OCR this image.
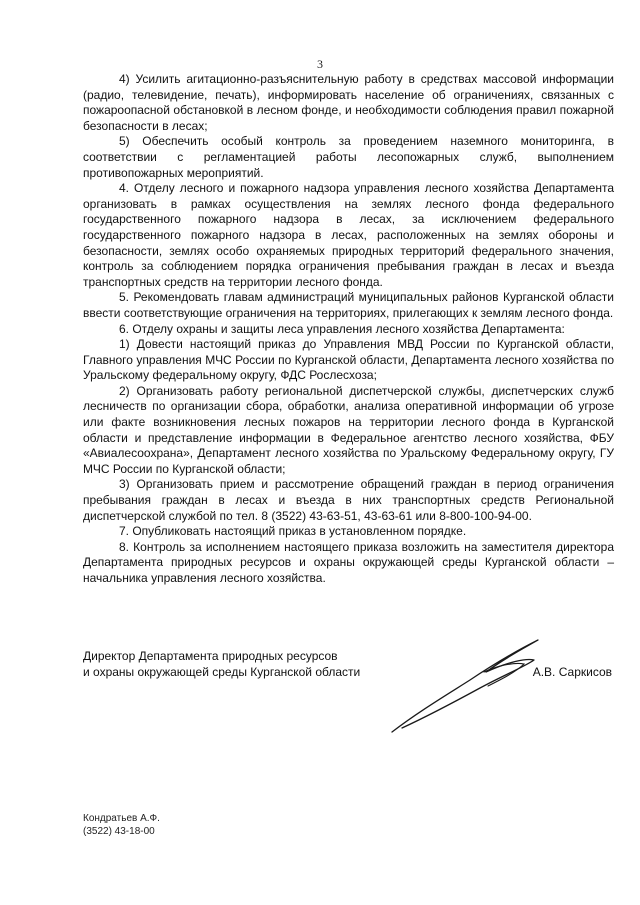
3

4) Усилить агитационно-разъяснительную работу в средствах массовой информации (радио, телевидение, печать), информировать население об ограничениях, связанных с пожароопасной обстановкой в лесном фонде, и необходимости соблюдения правил пожарной безопасности в лесах;

5) Обеспечить особый контроль за проведением наземного мониторинга, в соответствии с регламентацией работы лесопожарных служб, выполнением противопожарных мероприятий.

4. Отделу лесного и пожарного надзора управления лесного хозяйства Департамента организовать в рамках осуществления на землях лесного фонда федерального государственного пожарного надзора в лесах, за исключением федерального государственного пожарного надзора в лесах, расположенных на землях обороны и безопасности, землях особо охраняемых природных территорий федерального значения, контроль за соблюдением порядка ограничения пребывания граждан в лесах и въезда транспортных средств на территории лесного фонда.

5. Рекомендовать главам администраций муниципальных районов Курганской области ввести соответствующие ограничения на территориях, прилегающих к землям лесного фонда.

6. Отделу охраны и защиты леса управления лесного хозяйства Департамента:

1) Довести настоящий приказ до Управления МВД России по Курганской области, Главного управления МЧС России по Курганской области, Департамента лесного хозяйства по Уральскому федеральному округу, ФДС Рослесхоза;

2) Организовать работу региональной диспетчерской службы, диспетчерских служб лесничеств по организации сбора, обработки, анализа оперативной информации об угрозе или факте возникновения лесных пожаров на территории лесного фонда в Курганской области и представление информации в Федеральное агентство лесного хозяйства, ФБУ «Авиалесоохрана», Департамент лесного хозяйства по Уральскому Федеральному округу, ГУ МЧС России по Курганской области;

3) Организовать прием и рассмотрение обращений граждан в период ограничения пребывания граждан в лесах и въезда в них транспортных средств Региональной диспетчерской службой по тел. 8 (3522) 43-63-51, 43-63-61 или 8-800-100-94-00.

7. Опубликовать настоящий приказ в установленном порядке.

8. Контроль за исполнением настоящего приказа возложить на заместителя директора Департамента природных ресурсов и охраны окружающей среды Курганской области – начальника управления лесного хозяйства.

Директор Департамента природных ресурсов
и охраны окружающей среды Курганской области	А.В. Саркисов
Кондратьев А.Ф.
(3522) 43-18-00
